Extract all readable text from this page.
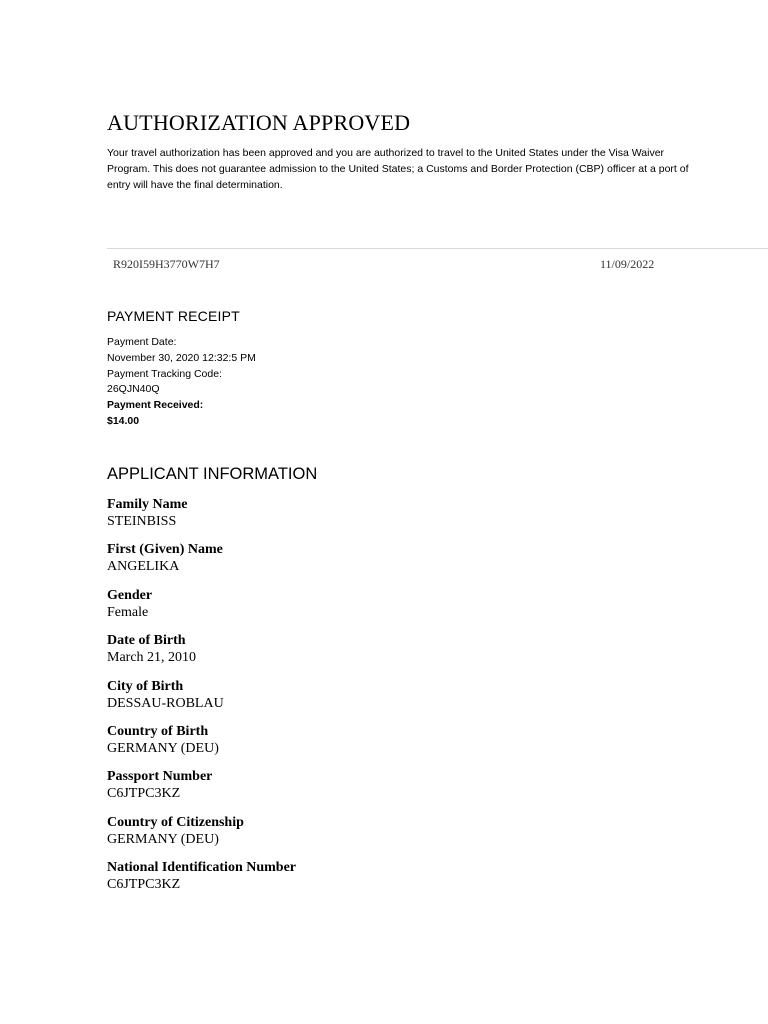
AUTHORIZATION APPROVED
Your travel authorization has been approved and you are authorized to travel to the United States under the Visa Waiver Program. This does not guarantee admission to the United States; a Customs and Border Protection (CBP) officer at a port of entry will have the final determination.
R920I59H3770W7H7	11/09/2022
PAYMENT RECEIPT
Payment Date:
November 30, 2020 12:32:5 PM
Payment Tracking Code:
26QJN40Q
Payment Received:
$14.00
APPLICANT INFORMATION
Family Name
STEINBISS
First (Given) Name
ANGELIKA
Gender
Female
Date of Birth
March 21, 2010
City of Birth
DESSAU-ROBLAU
Country of Birth
GERMANY (DEU)
Passport Number
C6JTPC3KZ
Country of Citizenship
GERMANY (DEU)
National Identification Number
C6JTPC3KZ
